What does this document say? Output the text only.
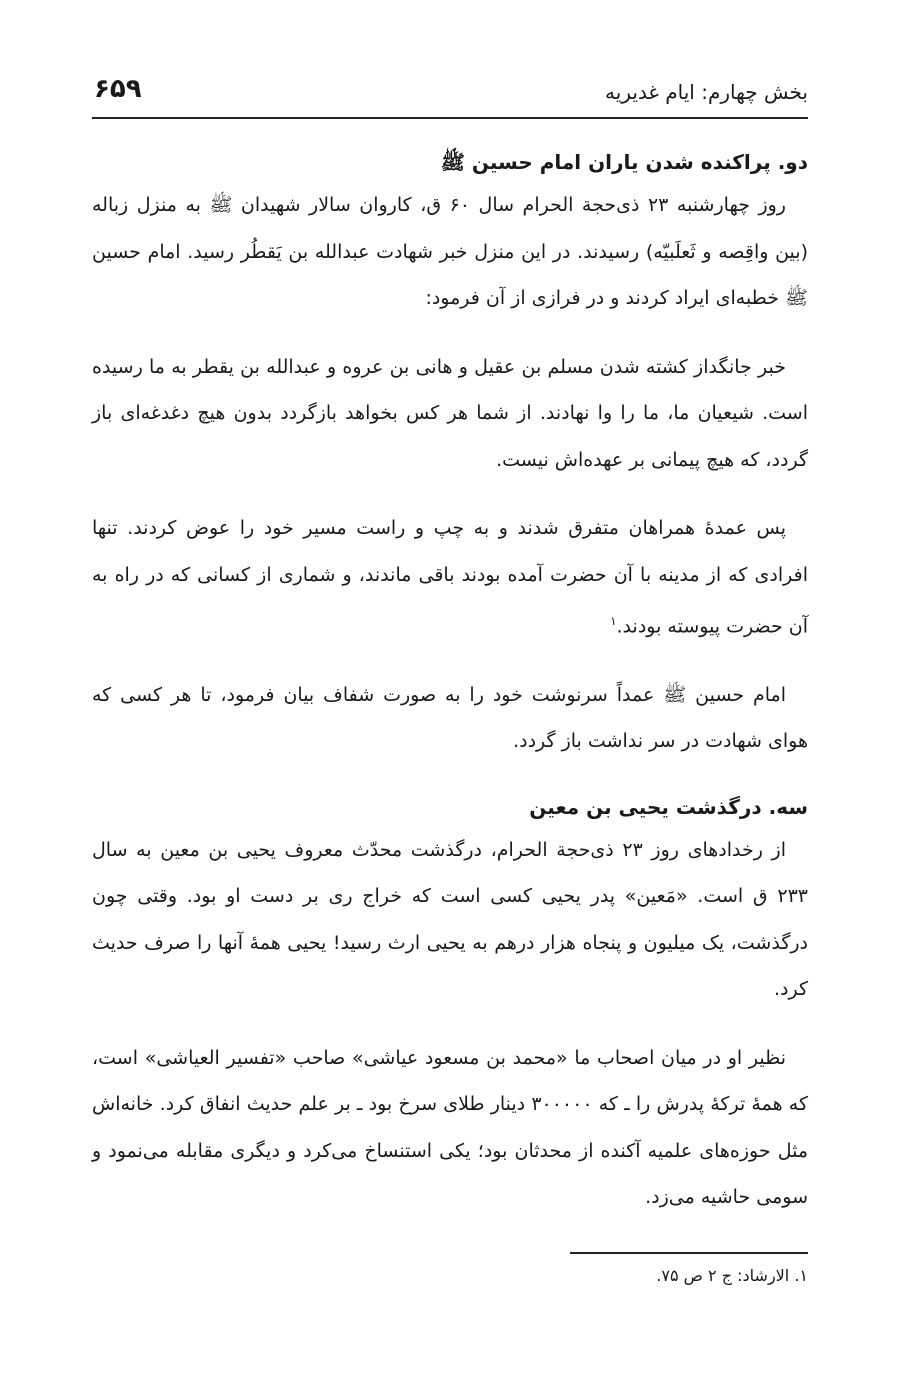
بخش چهارم: ایام غدیریه
۶۵۹
دو. پراکنده شدن یاران امام حسین ﷺ

روز چهارشنبه ۲۳ ذی‌حجة الحرام سال ۶۰ ق، کاروان سالار شهیدان ﷺ به منزل زباله (بین واقِصه و ثَعلَبیّه) رسیدند. در این منزل خبر شهادت عبدالله بن یَقطُر رسید. امام حسین ﷺ خطبه‌ای ایراد کردند و در فرازی از آن فرمود:

خبر جانگداز کشته شدن مسلم بن عقیل و هانی بن عروه و عبدالله بن یقطر به ما رسیده است. شیعیان ما، ما را وا نهادند. از شما هر کس بخواهد بازگردد بدون هیچ دغدغه‌ای باز گردد، که هیچ پیمانی بر عهده‌اش نیست.

پس عمدهٔ همراهان متفرق شدند و به چپ و راست مسیر خود را عوض کردند. تنها افرادی که از مدینه با آن حضرت آمده بودند باقی ماندند، و شماری از کسانی که در راه به آن حضرت پیوسته بودند.$^۱$

امام حسین ﷺ عمداً سرنوشت خود را به صورت شفاف بیان فرمود، تا هر کسی که هوای شهادت در سر نداشت باز گردد.

سه. درگذشت یحیی بن معین

از رخدادهای روز ۲۳ ذی‌حجة الحرام، درگذشت محدّث معروف یحیی بن معین به سال ۲۳۳ ق است. «مَعین» پدر یحیی کسی است که خراج ری بر دست او بود. وقتی چون درگذشت، یک میلیون و پنجاه هزار درهم به یحیی ارث رسید! یحیی همهٔ آنها را صرف حدیث کرد.

نظیر او در میان اصحاب ما «محمد بن مسعود عیاشی» صاحب «تفسیر العیاشی» است، که همهٔ ترکهٔ پدرش را ـ که ۳۰۰۰۰۰ دینار طلای سرخ بود ـ بر علم حدیث انفاق کرد. خانه‌اش مثل حوزه‌های علمیه آکنده از محدثان بود؛ یکی استنساخ می‌کرد و دیگری مقابله می‌نمود و سومی حاشیه می‌زد.

۱. الارشاد: ج ۲ ص ۷۵.
